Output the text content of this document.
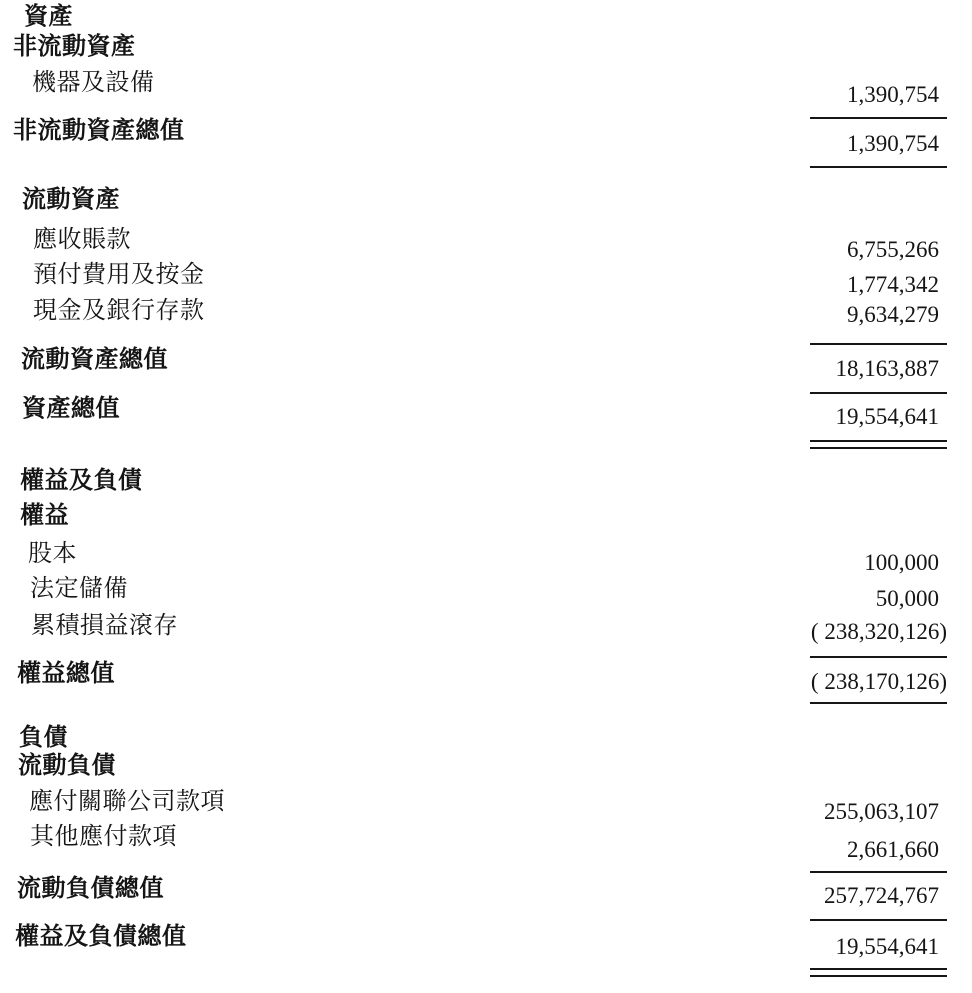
資產
非流動資產
機器及設備	1,390,754
非流動資產總值	1,390,754
流動資產
應收賬款	6,755,266
預付費用及按金	1,774,342
現金及銀行存款	9,634,279
流動資產總值	18,163,887
資產總值	19,554,641
權益及負債
權益
股本	100,000
法定儲備	50,000
累積損益滾存	( 238,320,126)
權益總值	( 238,170,126)
負債
流動負債
應付關聯公司款項	255,063,107
其他應付款項	2,661,660
流動負債總值	257,724,767
權益及負債總值	19,554,641
